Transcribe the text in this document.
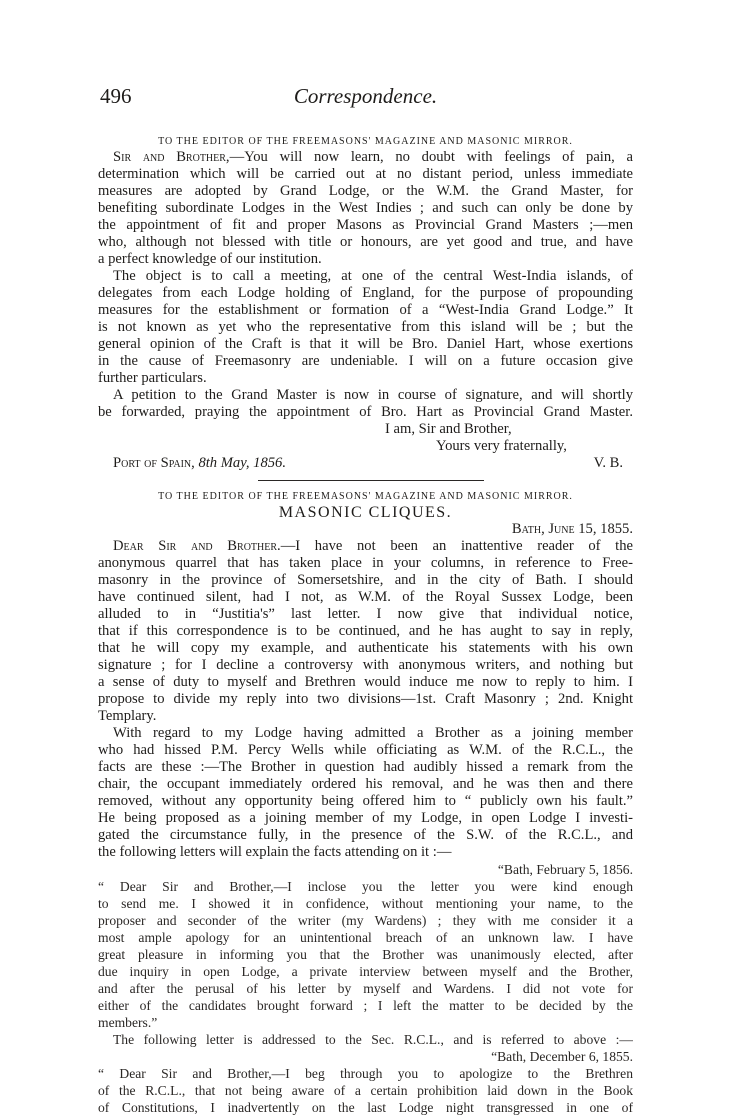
496	Correspondence.
TO THE EDITOR OF THE FREEMASONS' MAGAZINE AND MASONIC MIRROR.
Sir and Brother,—You will now learn, no doubt with feelings of pain, a
determination which will be carried out at no distant period, unless immediate
measures are adopted by Grand Lodge, or the W.M. the Grand Master, for
benefiting subordinate Lodges in the West Indies ; and such can only be done by
the appointment of fit and proper Masons as Provincial Grand Masters ;—men
who, although not blessed with title or honours, are yet good and true, and have
a perfect knowledge of our institution.
The object is to call a meeting, at one of the central West-India islands, of
delegates from each Lodge holding of England, for the purpose of propounding
measures for the establishment or formation of a “West-India Grand Lodge.” It
is not known as yet who the representative from this island will be ; but the
general opinion of the Craft is that it will be Bro. Daniel Hart, whose exertions
in the cause of Freemasonry are undeniable. I will on a future occasion give
further particulars.
A petition to the Grand Master is now in course of signature, and will shortly
be forwarded, praying the appointment of Bro. Hart as Provincial Grand Master.
I am, Sir and Brother,
Yours very fraternally,
Port of Spain, 8th May, 1856.	V. B.
TO THE EDITOR OF THE FREEMASONS' MAGAZINE AND MASONIC MIRROR.
MASONIC CLIQUES.
Bath, June 15, 1855.
Dear Sir and Brother.—I have not been an inattentive reader of the
anonymous quarrel that has taken place in your columns, in reference to Free-
masonry in the province of Somersetshire, and in the city of Bath. I should
have continued silent, had I not, as W.M. of the Royal Sussex Lodge, been
alluded to in “Justitia's” last letter. I now give that individual notice,
that if this correspondence is to be continued, and he has aught to say in reply,
that he will copy my example, and authenticate his statements with his own
signature ; for I decline a controversy with anonymous writers, and nothing but
a sense of duty to myself and Brethren would induce me now to reply to him. I
propose to divide my reply into two divisions—1st. Craft Masonry ; 2nd. Knight
Templary.
With regard to my Lodge having admitted a Brother as a joining member
who had hissed P.M. Percy Wells while officiating as W.M. of the R.C.L., the
facts are these :—The Brother in question had audibly hissed a remark from the
chair, the occupant immediately ordered his removal, and he was then and there
removed, without any opportunity being offered him to “ publicly own his fault.”
He being proposed as a joining member of my Lodge, in open Lodge I investi-
gated the circumstance fully, in the presence of the S.W. of the R.C.L., and
the following letters will explain the facts attending on it :—
“Bath, February 5, 1856.
“ Dear Sir and Brother,—I inclose you the letter you were kind enough
to send me. I showed it in confidence, without mentioning your name, to the
proposer and seconder of the writer (my Wardens) ; they with me consider it a
most ample apology for an unintentional breach of an unknown law. I have
great pleasure in informing you that the Brother was unanimously elected, after
due inquiry in open Lodge, a private interview between myself and the Brother,
and after the perusal of his letter by myself and Wardens. I did not vote for
either of the candidates brought forward ; I left the matter to be decided by the
members.”
The following letter is addressed to the Sec. R.C.L., and is referred to above :—
“Bath, December 6, 1855.
“ Dear Sir and Brother,—I beg through you to apologize to the Brethren
of the R.C.L., that not being aware of a certain prohibition laid down in the Book
of Constitutions, I inadvertently on the last Lodge night transgressed in one of
